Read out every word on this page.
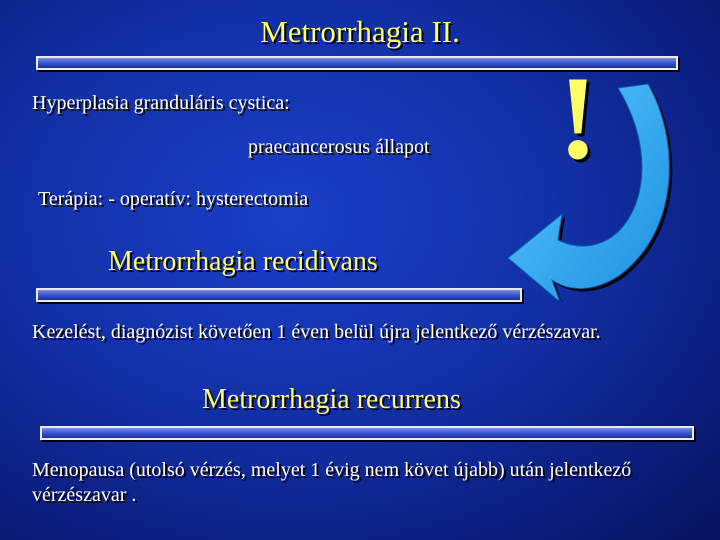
Metrorrhagia II.
Hyperplasia granduláris cystica:
praecancerosus állapot
Terápia: - operatív: hysterectomia
!
Metrorrhagia recidivans
Kezelést, diagnózist követően 1 éven belül újra jelentkező vérzészavar.
Metrorrhagia recurrens
Menopausa (utolsó vérzés, melyet 1 évig nem követ újabb) után jelentkező vérzészavar .
